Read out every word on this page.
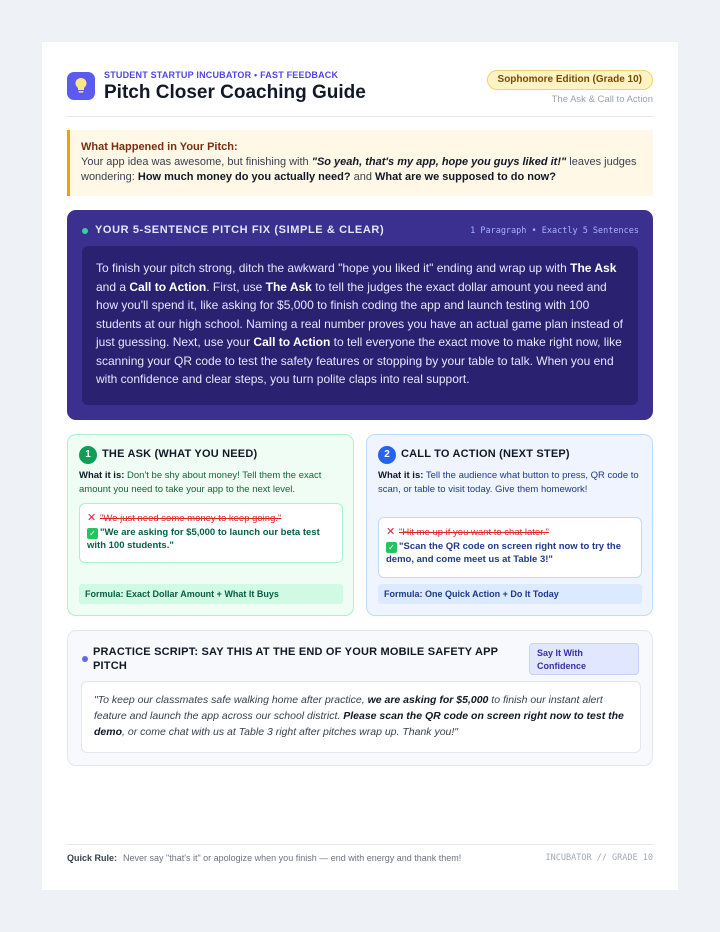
STUDENT STARTUP INCUBATOR • FAST FEEDBACK
Pitch Closer Coaching Guide
Sophomore Edition (Grade 10)
The Ask & Call to Action
What Happened in Your Pitch:
Your app idea was awesome, but finishing with "So yeah, that's my app, hope you guys liked it!" leaves judges wondering: How much money do you actually need? and What are we supposed to do now?
YOUR 5-SENTENCE PITCH FIX (SIMPLE & CLEAR)	1 Paragraph • Exactly 5 Sentences
To finish your pitch strong, ditch the awkward "hope you liked it" ending and wrap up with The Ask and a Call to Action. First, use The Ask to tell the judges the exact dollar amount you need and how you'll spend it, like asking for $5,000 to finish coding the app and launch testing with 100 students at our high school. Naming a real number proves you have an actual game plan instead of just guessing. Next, use your Call to Action to tell everyone the exact move to make right now, like scanning your QR code to test the safety features or stopping by your table to talk. When you end with confidence and clear steps, you turn polite claps into real support.
1	THE ASK (WHAT YOU NEED)
What it is: Don't be shy about money! Tell them the exact amount you need to take your app to the next level.
✕ "We just need some money to keep going."
✓ "We are asking for $5,000 to launch our beta test with 100 students."
Formula: Exact Dollar Amount + What It Buys
2	CALL TO ACTION (NEXT STEP)
What it is: Tell the audience what button to press, QR code to scan, or table to visit today. Give them homework!
✕ "Hit me up if you want to chat later."
✓ "Scan the QR code on screen right now to try the demo, and come meet us at Table 3!"
Formula: One Quick Action + Do It Today
PRACTICE SCRIPT: SAY THIS AT THE END OF YOUR MOBILE SAFETY APP PITCH
Say It With Confidence
"To keep our classmates safe walking home after practice, we are asking for $5,000 to finish our instant alert feature and launch the app across our school district. Please scan the QR code on screen right now to test the demo, or come chat with us at Table 3 right after pitches wrap up. Thank you!"
Quick Rule: Never say "that's it" or apologize when you finish — end with energy and thank them!	INCUBATOR // GRADE 10
